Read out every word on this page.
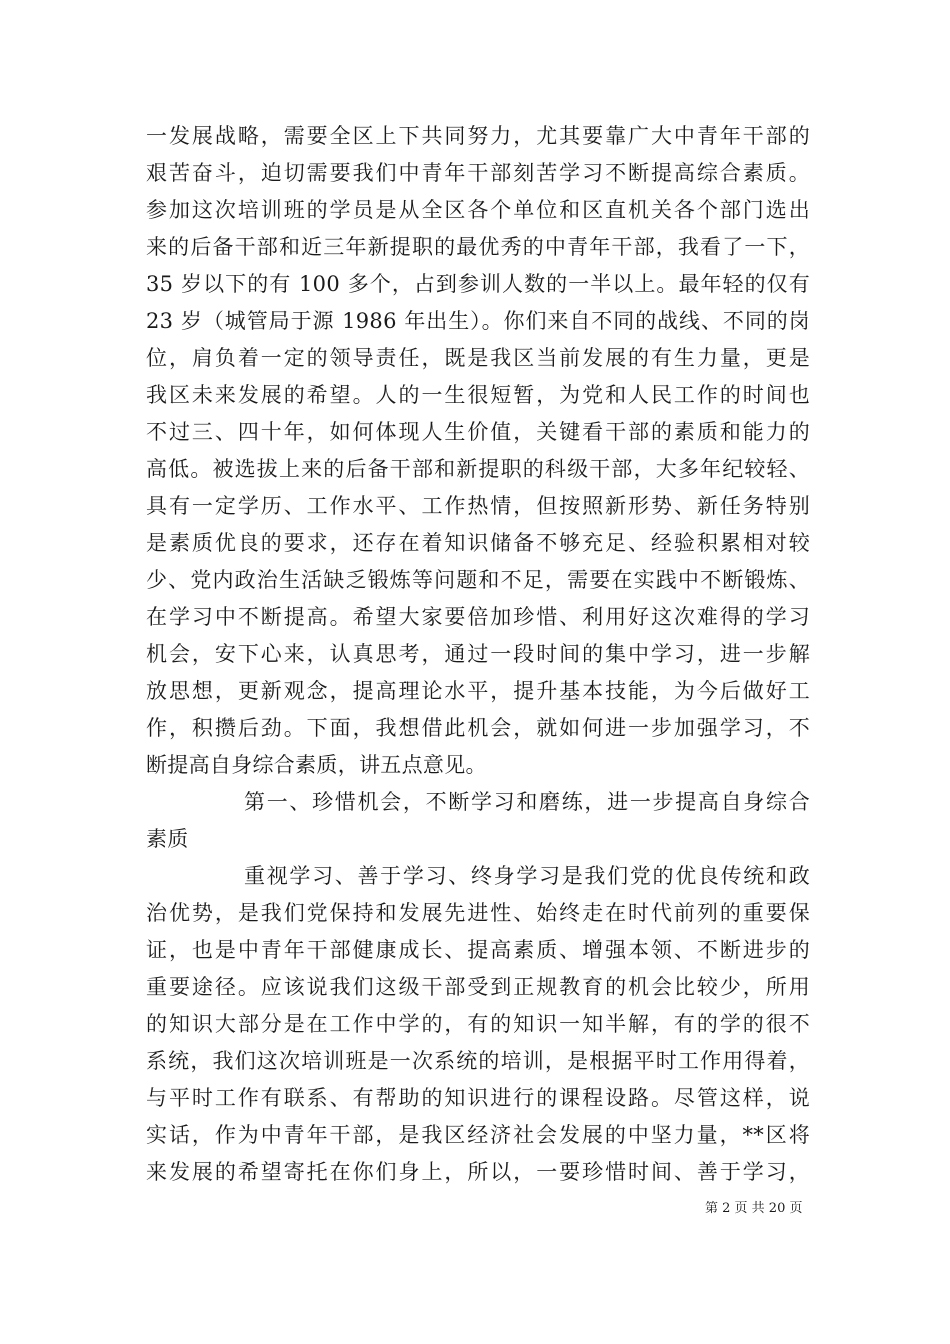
一发展战略，需要全区上下共同努力，尤其要靠广大中青年干部的
艰苦奋斗，迫切需要我们中青年干部刻苦学习不断提高综合素质。
参加这次培训班的学员是从全区各个单位和区直机关各个部门选出
来的后备干部和近三年新提职的最优秀的中青年干部，我看了一下，
35 岁以下的有 100 多个，占到参训人数的一半以上。最年轻的仅有
23 岁（城管局于源 1986 年出生）。你们来自不同的战线、不同的岗
位，肩负着一定的领导责任，既是我区当前发展的有生力量，更是
我区未来发展的希望。人的一生很短暂，为党和人民工作的时间也
不过三、四十年，如何体现人生价值，关键看干部的素质和能力的
高低。被选拔上来的后备干部和新提职的科级干部，大多年纪较轻、
具有一定学历、工作水平、工作热情，但按照新形势、新任务特别
是素质优良的要求，还存在着知识储备不够充足、经验积累相对较
少、党内政治生活缺乏锻炼等问题和不足，需要在实践中不断锻炼、
在学习中不断提高。希望大家要倍加珍惜、利用好这次难得的学习
机会，安下心来，认真思考，通过一段时间的集中学习，进一步解
放思想，更新观念，提高理论水平，提升基本技能，为今后做好工
作，积攒后劲。下面，我想借此机会，就如何进一步加强学习，不
断提高自身综合素质，讲五点意见。
第一、珍惜机会，不断学习和磨练，进一步提高自身综合
素质
重视学习、善于学习、终身学习是我们党的优良传统和政
治优势，是我们党保持和发展先进性、始终走在时代前列的重要保
证，也是中青年干部健康成长、提高素质、增强本领、不断进步的
重要途径。应该说我们这级干部受到正规教育的机会比较少，所用
的知识大部分是在工作中学的，有的知识一知半解，有的学的很不
系统，我们这次培训班是一次系统的培训，是根据平时工作用得着，
与平时工作有联系、有帮助的知识进行的课程设路。尽管这样，说
实话，作为中青年干部，是我区经济社会发展的中坚力量，**区将
来发展的希望寄托在你们身上，所以，一要珍惜时间、善于学习，
第 2 页 共 20 页
